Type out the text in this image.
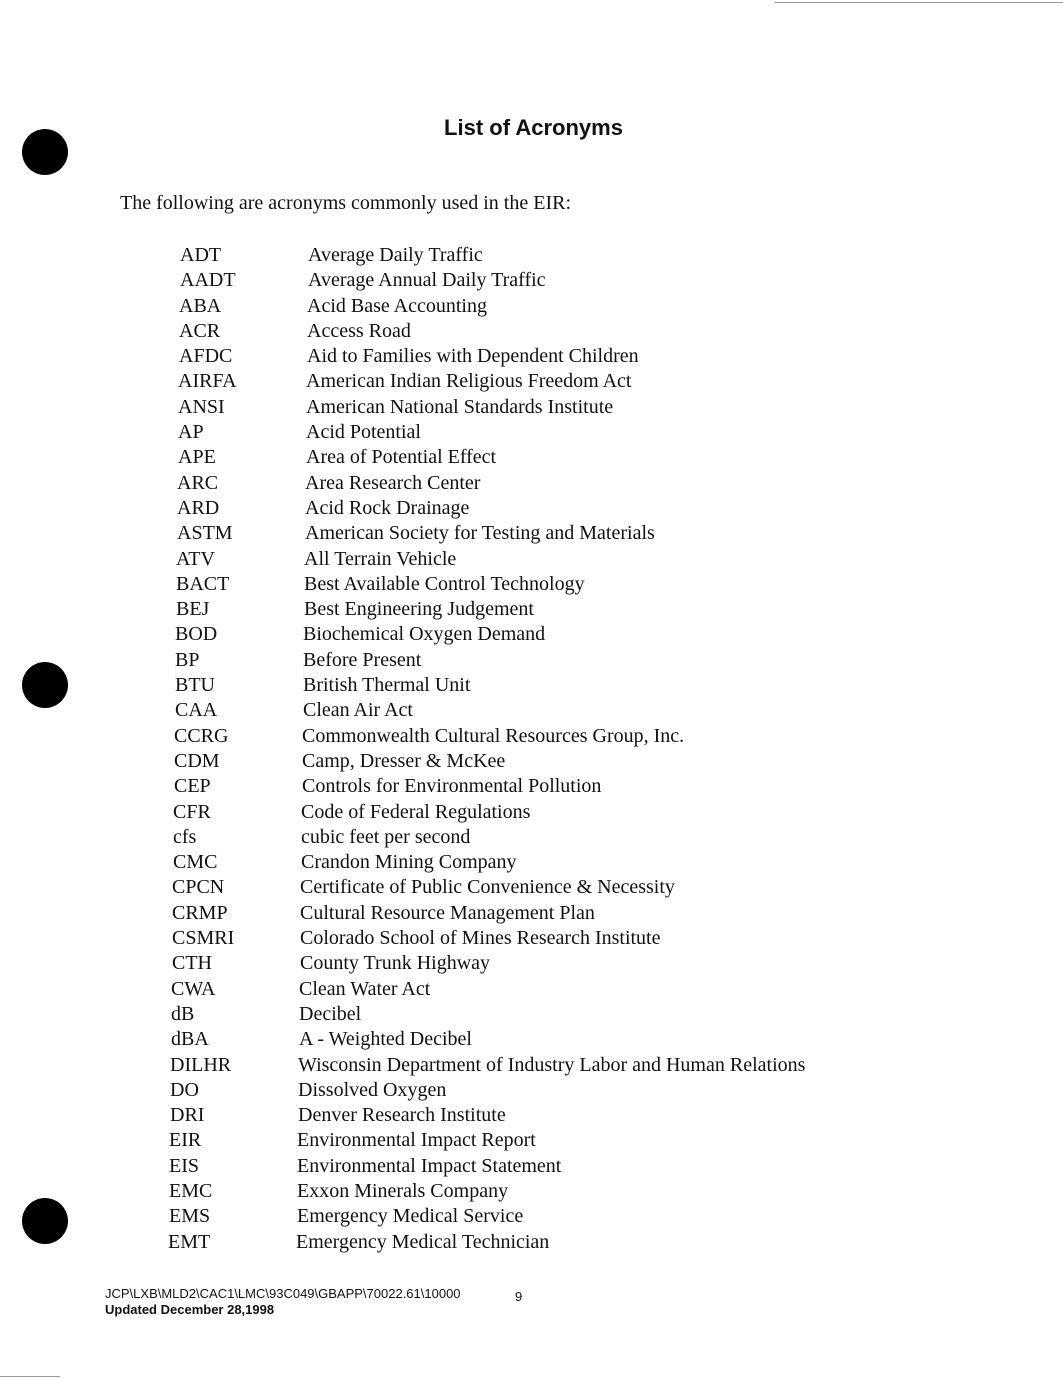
List of Acronyms
The following are acronyms commonly used in the EIR:
ADT	Average Daily Traffic
AADT	Average Annual Daily Traffic
ABA	Acid Base Accounting
ACR	Access Road
AFDC	Aid to Families with Dependent Children
AIRFA	American Indian Religious Freedom Act
ANSI	American National Standards Institute
AP	Acid Potential
APE	Area of Potential Effect
ARC	Area Research Center
ARD	Acid Rock Drainage
ASTM	American Society for Testing and Materials
ATV	All Terrain Vehicle
BACT	Best Available Control Technology
BEJ	Best Engineering Judgement
BOD	Biochemical Oxygen Demand
BP	Before Present
BTU	British Thermal Unit
CAA	Clean Air Act
CCRG	Commonwealth Cultural Resources Group, Inc.
CDM	Camp, Dresser & McKee
CEP	Controls for Environmental Pollution
CFR	Code of Federal Regulations
cfs	cubic feet per second
CMC	Crandon Mining Company
CPCN	Certificate of Public Convenience & Necessity
CRMP	Cultural Resource Management Plan
CSMRI	Colorado School of Mines Research Institute
CTH	County Trunk Highway
CWA	Clean Water Act
dB	Decibel
dBA	A - Weighted Decibel
DILHR	Wisconsin Department of Industry Labor and Human Relations
DO	Dissolved Oxygen
DRI	Denver Research Institute
EIR	Environmental Impact Report
EIS	Environmental Impact Statement
EMC	Exxon Minerals Company
EMS	Emergency Medical Service
EMT	Emergency Medical Technician
JCP\LXB\MLD2\CAC1\LMC\93C049\GBAPP\70022.61\10000
Updated December 28,1998
9
